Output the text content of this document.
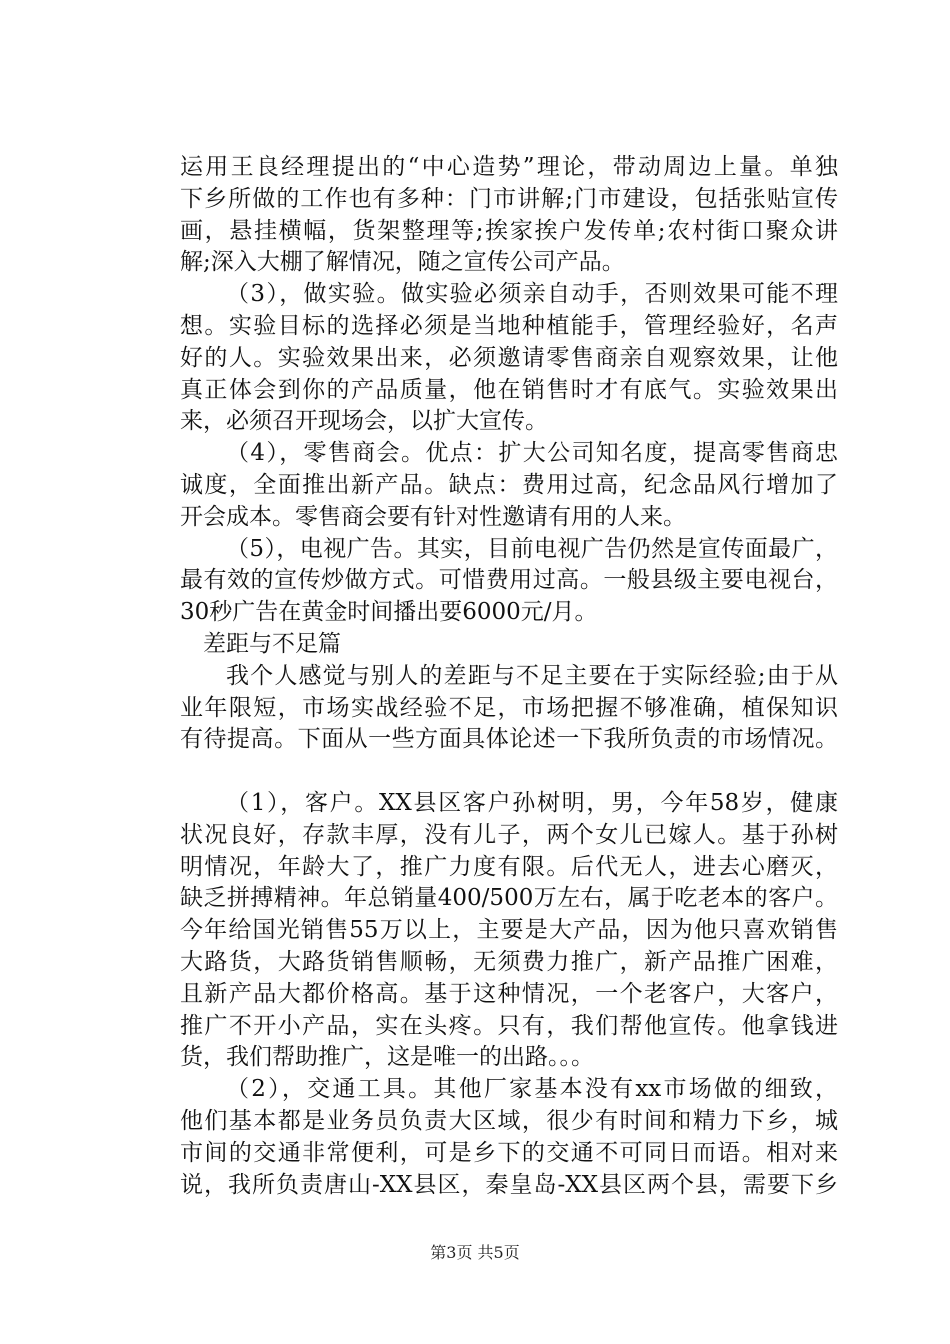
运用王良经理提出的“中心造势”理论，带动周边上量。单独
下乡所做的工作也有多种：门市讲解;门市建设，包括张贴宣传
画，悬挂横幅，货架整理等;挨家挨户发传单;农村街口聚众讲
解;深入大棚了解情况，随之宣传公司产品。
（3），做实验。做实验必须亲自动手，否则效果可能不理
想。实验目标的选择必须是当地种植能手，管理经验好，名声
好的人。实验效果出来，必须邀请零售商亲自观察效果，让他
真正体会到你的产品质量，他在销售时才有底气。实验效果出
来，必须召开现场会，以扩大宣传。
（4），零售商会。优点：扩大公司知名度，提高零售商忠
诚度，全面推出新产品。缺点：费用过高，纪念品风行增加了
开会成本。零售商会要有针对性邀请有用的人来。
（5），电视广告。其实，目前电视广告仍然是宣传面最广，
最有效的宣传炒做方式。可惜费用过高。一般县级主要电视台，
30秒广告在黄金时间播出要6000元/月。
差距与不足篇
我个人感觉与别人的差距与不足主要在于实际经验;由于从
业年限短，市场实战经验不足，市场把握不够准确，植保知识
有待提高。下面从一些方面具体论述一下我所负责的市场情况。
（1），客户。XX县区客户孙树明，男，今年58岁，健康
状况良好，存款丰厚，没有儿子，两个女儿已嫁人。基于孙树
明情况，年龄大了，推广力度有限。后代无人，进去心磨灭，
缺乏拼搏精神。年总销量400/500万左右，属于吃老本的客户。
今年给国光销售55万以上，主要是大产品，因为他只喜欢销售
大路货，大路货销售顺畅，无须费力推广，新产品推广困难，
且新产品大都价格高。基于这种情况，一个老客户，大客户，
推广不开小产品，实在头疼。只有，我们帮他宣传。他拿钱进
货，我们帮助推广，这是唯一的出路。。。
（2），交通工具。其他厂家基本没有xx市场做的细致，
他们基本都是业务员负责大区域，很少有时间和精力下乡，城
市间的交通非常便利，可是乡下的交通不可同日而语。相对来
说，我所负责唐山-XX县区，秦皇岛-XX县区两个县，需要下乡
第3页 共5页
